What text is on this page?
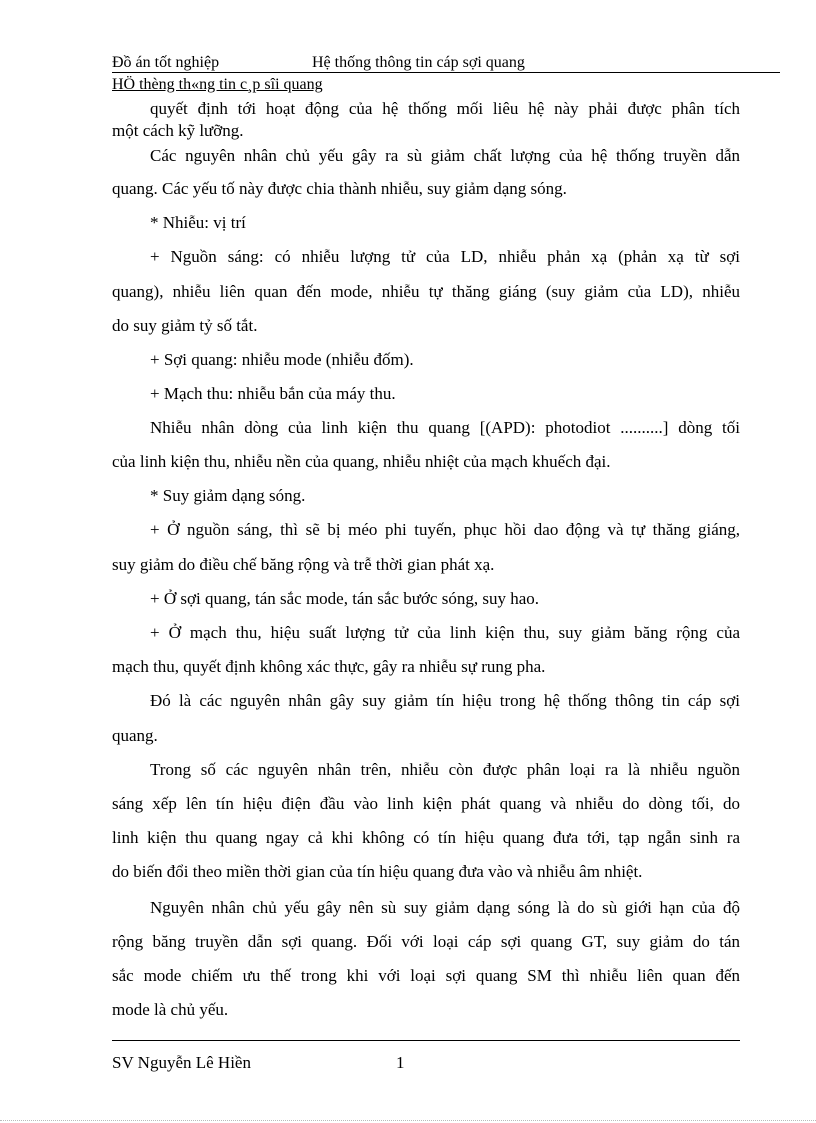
Đồ án tốt nghiệp	Hệ thống thông tin cáp sợi quang
HÖ thèng th«ng tin c¸p sîi quang
quyết định tới hoạt động của hệ thống mối liêu hệ này phải được phân tích
một cách kỹ lưỡng.
Các nguyên nhân chủ yếu gây ra sù giảm chất lượng của hệ thống truyền dẫn
quang. Các yếu tố này được chia thành nhiễu, suy giảm dạng sóng.
* Nhiễu: vị trí
+ Nguồn sáng: có nhiễu lượng tử của LD, nhiễu phản xạ (phản xạ từ sợi
quang), nhiễu liên quan đến mode, nhiễu tự thăng giáng (suy giảm của LD), nhiễu
do suy giảm tỷ số tắt.
+ Sợi quang: nhiễu mode (nhiễu đốm).
+ Mạch thu: nhiễu bắn của máy thu.
Nhiễu nhân dòng của linh kiện thu quang [(APD): photodiot ..........] dòng tối
của linh kiện thu, nhiễu nền của quang, nhiễu nhiệt của mạch khuếch đại.
* Suy giảm dạng sóng.
+ Ở nguồn sáng, thì sẽ bị méo phi tuyến, phục hồi dao động và tự thăng giáng,
suy giảm do điều chế băng rộng và trễ thời gian phát xạ.
+ Ở sợi quang, tán sắc mode, tán sắc bước sóng, suy hao.
+ Ở mạch thu, hiệu suất lượng tử của linh kiện thu, suy giảm băng rộng của
mạch thu, quyết định không xác thực, gây ra nhiễu sự rung pha.
Đó là các nguyên nhân gây suy giảm tín hiệu trong hệ thống thông tin cáp sợi
quang.
Trong số các nguyên nhân trên, nhiễu còn được phân loại ra là nhiễu nguồn
sáng xếp lên tín hiệu điện đầu vào linh kiện phát quang và nhiễu do dòng tối, do
linh kiện thu quang ngay cả khi không có tín hiệu quang đưa tới, tạp ngẫn sinh ra
do biến đổi theo miền thời gian của tín hiệu quang đưa vào và nhiễu âm nhiệt.
Nguyên nhân chủ yếu gây nên sù suy giảm dạng sóng là do sù giới hạn của độ
rộng băng truyền dẫn sợi quang. Đối với loại cáp sợi quang GT, suy giảm do tán
sắc mode chiếm ưu thế trong khi với loại sợi quang SM thì nhiễu liên quan đến
mode là chủ yếu.
SV Nguyễn Lê Hiền	1
